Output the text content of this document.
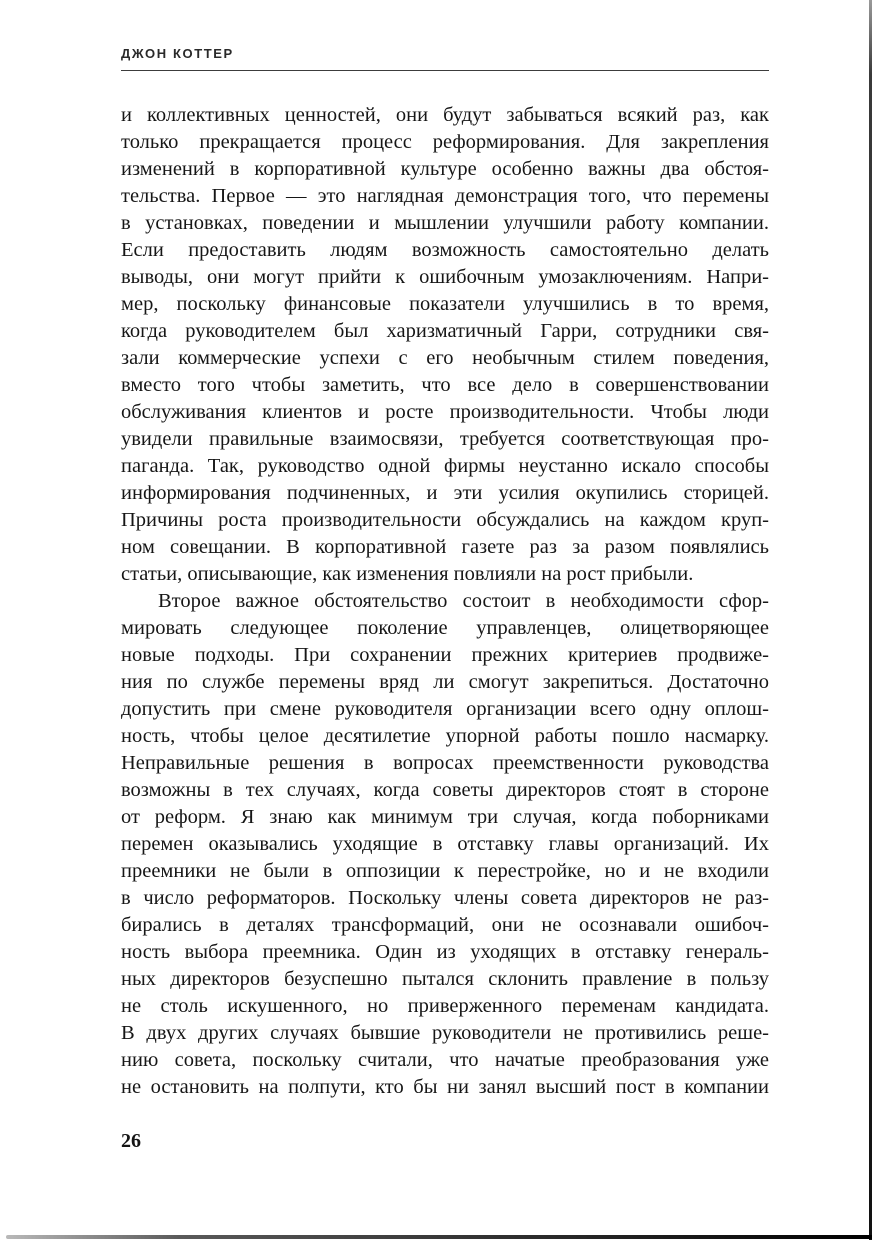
ДЖОН КОТТЕР
и коллективных ценностей, они будут забываться всякий раз, как
только прекращается процесс реформирования. Для закрепления
изменений в корпоративной культуре особенно важны два обстоя-
тельства. Первое — это наглядная демонстрация того, что перемены
в установках, поведении и мышлении улучшили работу компании.
Если предоставить людям возможность самостоятельно делать
выводы, они могут прийти к ошибочным умозаключениям. Напри-
мер, поскольку финансовые показатели улучшились в то время,
когда руководителем был харизматичный Гарри, сотрудники свя-
зали коммерческие успехи с его необычным стилем поведения,
вместо того чтобы заметить, что все дело в совершенствовании
обслуживания клиентов и росте производительности. Чтобы люди
увидели правильные взаимосвязи, требуется соответствующая про-
паганда. Так, руководство одной фирмы неустанно искало способы
информирования подчиненных, и эти усилия окупились сторицей.
Причины роста производительности обсуждались на каждом круп-
ном совещании. В корпоративной газете раз за разом появлялись
статьи, описывающие, как изменения повлияли на рост прибыли.
Второе важное обстоятельство состоит в необходимости сфор-
мировать следующее поколение управленцев, олицетворяющее
новые подходы. При сохранении прежних критериев продвиже-
ния по службе перемены вряд ли смогут закрепиться. Достаточно
допустить при смене руководителя организации всего одну оплош-
ность, чтобы целое десятилетие упорной работы пошло насмарку.
Неправильные решения в вопросах преемственности руководства
возможны в тех случаях, когда советы директоров стоят в стороне
от реформ. Я знаю как минимум три случая, когда поборниками
перемен оказывались уходящие в отставку главы организаций. Их
преемники не были в оппозиции к перестройке, но и не входили
в число реформаторов. Поскольку члены совета директоров не раз-
бирались в деталях трансформаций, они не осознавали ошибоч-
ность выбора преемника. Один из уходящих в отставку генераль-
ных директоров безуспешно пытался склонить правление в пользу
не столь искушенного, но приверженного переменам кандидата.
В двух других случаях бывшие руководители не противились реше-
нию совета, поскольку считали, что начатые преобразования уже
не остановить на полпути, кто бы ни занял высший пост в компании
26
